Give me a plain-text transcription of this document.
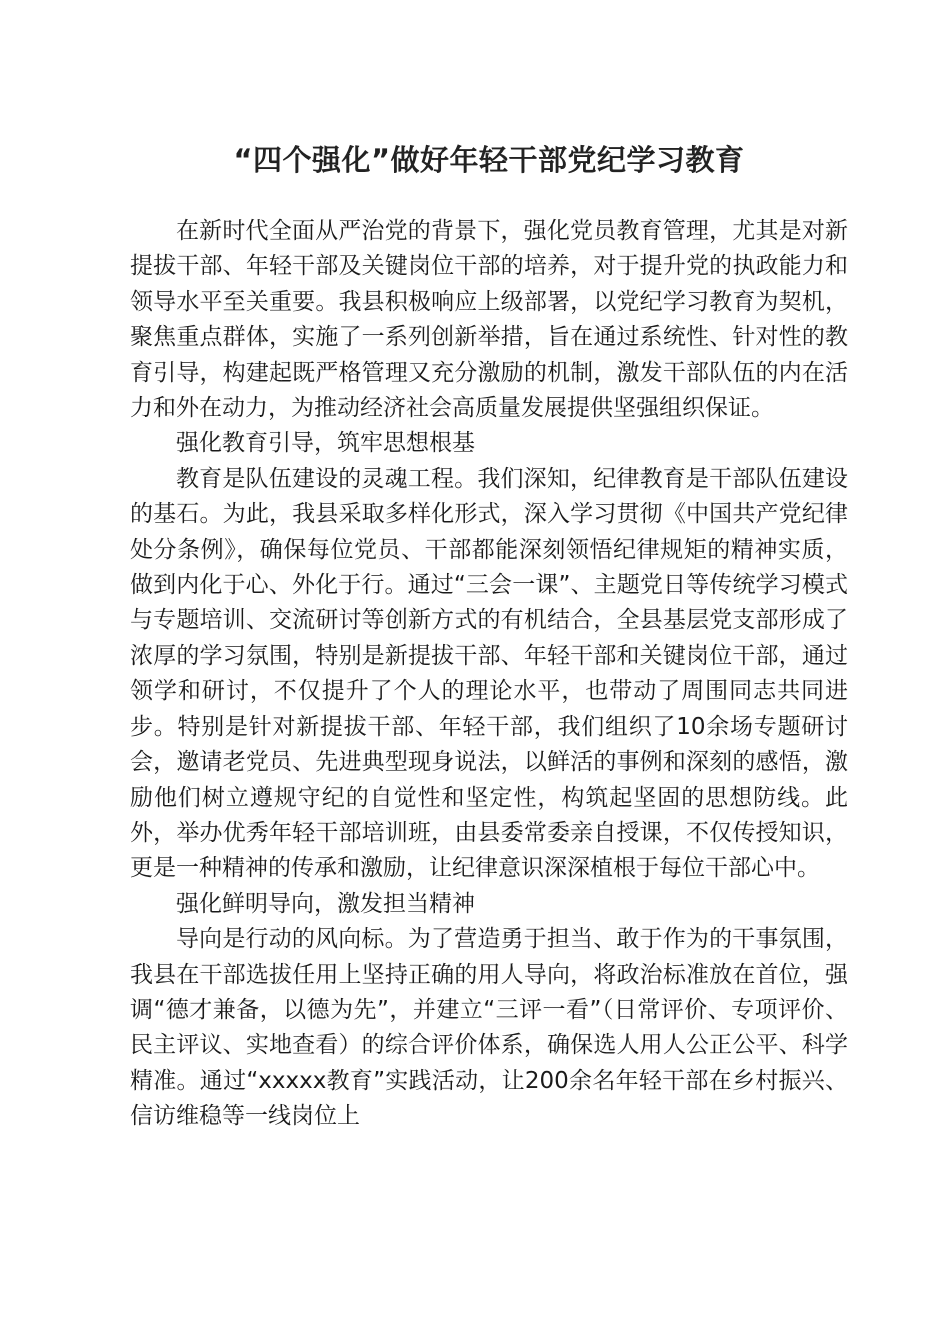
“四个强化”做好年轻干部党纪学习教育

在新时代全面从严治党的背景下，强化党员教育管理，尤其是对新提拔干部、年轻干部及关键岗位干部的培养，对于提升党的执政能力和领导水平至关重要。我县积极响应上级部署，以党纪学习教育为契机，聚焦重点群体，实施了一系列创新举措，旨在通过系统性、针对性的教育引导，构建起既严格管理又充分激励的机制，激发干部队伍的内在活力和外在动力，为推动经济社会高质量发展提供坚强组织保证。

强化教育引导，筑牢思想根基

教育是队伍建设的灵魂工程。我们深知，纪律教育是干部队伍建设的基石。为此，我县采取多样化形式，深入学习贯彻《中国共产党纪律处分条例》，确保每位党员、干部都能深刻领悟纪律规矩的精神实质，做到内化于心、外化于行。通过“三会一课”、主题党日等传统学习模式与专题培训、交流研讨等创新方式的有机结合，全县基层党支部形成了浓厚的学习氛围，特别是新提拔干部、年轻干部和关键岗位干部，通过领学和研讨，不仅提升了个人的理论水平，也带动了周围同志共同进步。特别是针对新提拔干部、年轻干部，我们组织了10余场专题研讨会，邀请老党员、先进典型现身说法，以鲜活的事例和深刻的感悟，激励他们树立遵规守纪的自觉性和坚定性，构筑起坚固的思想防线。此外，举办优秀年轻干部培训班，由县委常委亲自授课，不仅传授知识，更是一种精神的传承和激励，让纪律意识深深植根于每位干部心中。

强化鲜明导向，激发担当精神

导向是行动的风向标。为了营造勇于担当、敢于作为的干事氛围，我县在干部选拔任用上坚持正确的用人导向，将政治标准放在首位，强调“德才兼备，以德为先”，并建立“三评一看”（日常评价、专项评价、民主评议、实地查看）的综合评价体系，确保选人用人公正公平、科学精准。通过“xxxxx教育”实践活动，让200余名年轻干部在乡村振兴、信访维稳等一线岗位上
